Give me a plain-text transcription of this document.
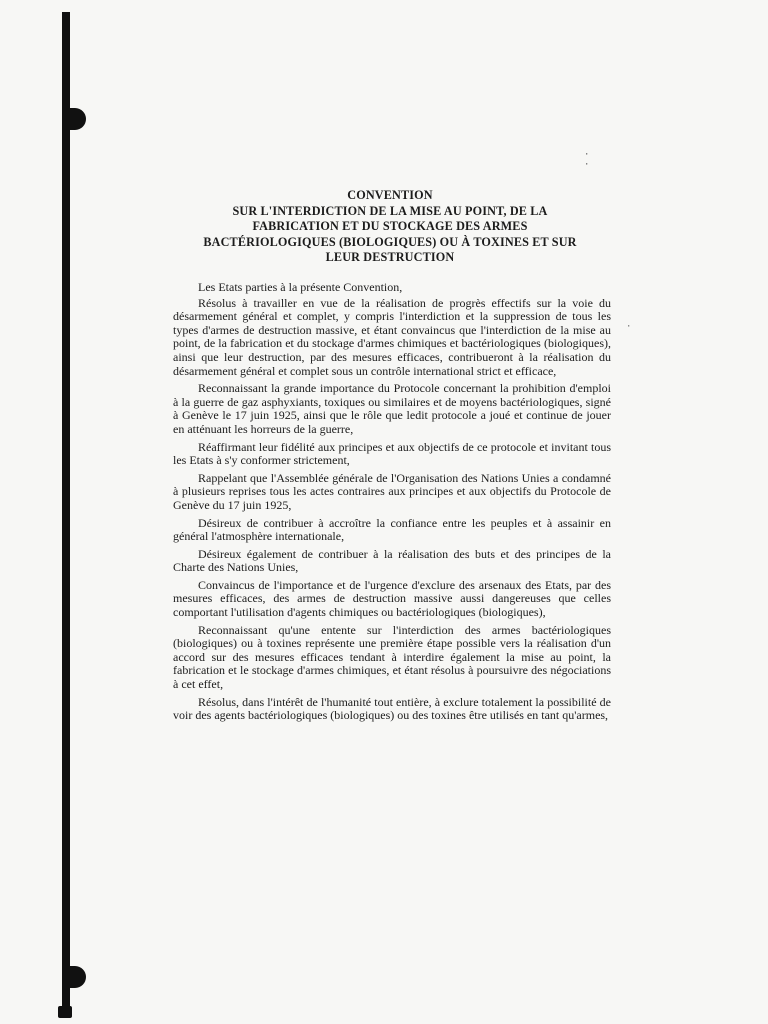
· ·
·
CONVENTION
SUR L'INTERDICTION DE LA MISE AU POINT, DE LA
FABRICATION ET DU STOCKAGE DES ARMES
BACTÉRIOLOGIQUES (BIOLOGIQUES) OU À TOXINES ET SUR
LEUR DESTRUCTION

Les Etats parties à la présente Convention,

Résolus à travailler en vue de la réalisation de progrès effectifs sur la voie du désarmement général et complet, y compris l'interdiction et la suppression de tous les types d'armes de destruction massive, et étant convaincus que l'interdiction de la mise au point, de la fabrication et du stockage d'armes chimiques et bactériologiques (biologiques), ainsi que leur destruction, par des mesures efficaces, contribueront à la réalisation du désarmement général et complet sous un contrôle international strict et efficace,

Reconnaissant la grande importance du Protocole concernant la prohibition d'emploi à la guerre de gaz asphyxiants, toxiques ou similaires et de moyens bactériologiques, signé à Genève le 17 juin 1925, ainsi que le rôle que ledit protocole a joué et continue de jouer en atténuant les horreurs de la guerre,

Réaffirmant leur fidélité aux principes et aux objectifs de ce protocole et invitant tous les Etats à s'y conformer strictement,

Rappelant que l'Assemblée générale de l'Organisation des Nations Unies a condamné à plusieurs reprises tous les actes contraires aux principes et aux objectifs du Protocole de Genève du 17 juin 1925,

Désireux de contribuer à accroître la confiance entre les peuples et à assainir en général l'atmosphère internationale,

Désireux également de contribuer à la réalisation des buts et des principes de la Charte des Nations Unies,

Convaincus de l'importance et de l'urgence d'exclure des arsenaux des Etats, par des mesures efficaces, des armes de destruction massive aussi dangereuses que celles comportant l'utilisation d'agents chimiques ou bactériologiques (biologiques),

Reconnaissant qu'une entente sur l'interdiction des armes bactériologiques (biologiques) ou à toxines représente une première étape possible vers la réalisation d'un accord sur des mesures efficaces tendant à interdire également la mise au point, la fabrication et le stockage d'armes chimiques, et étant résolus à poursuivre des négociations à cet effet,

Résolus, dans l'intérêt de l'humanité tout entière, à exclure totalement la possibilité de voir des agents bactériologiques (biologiques) ou des toxines être utilisés en tant qu'armes,
